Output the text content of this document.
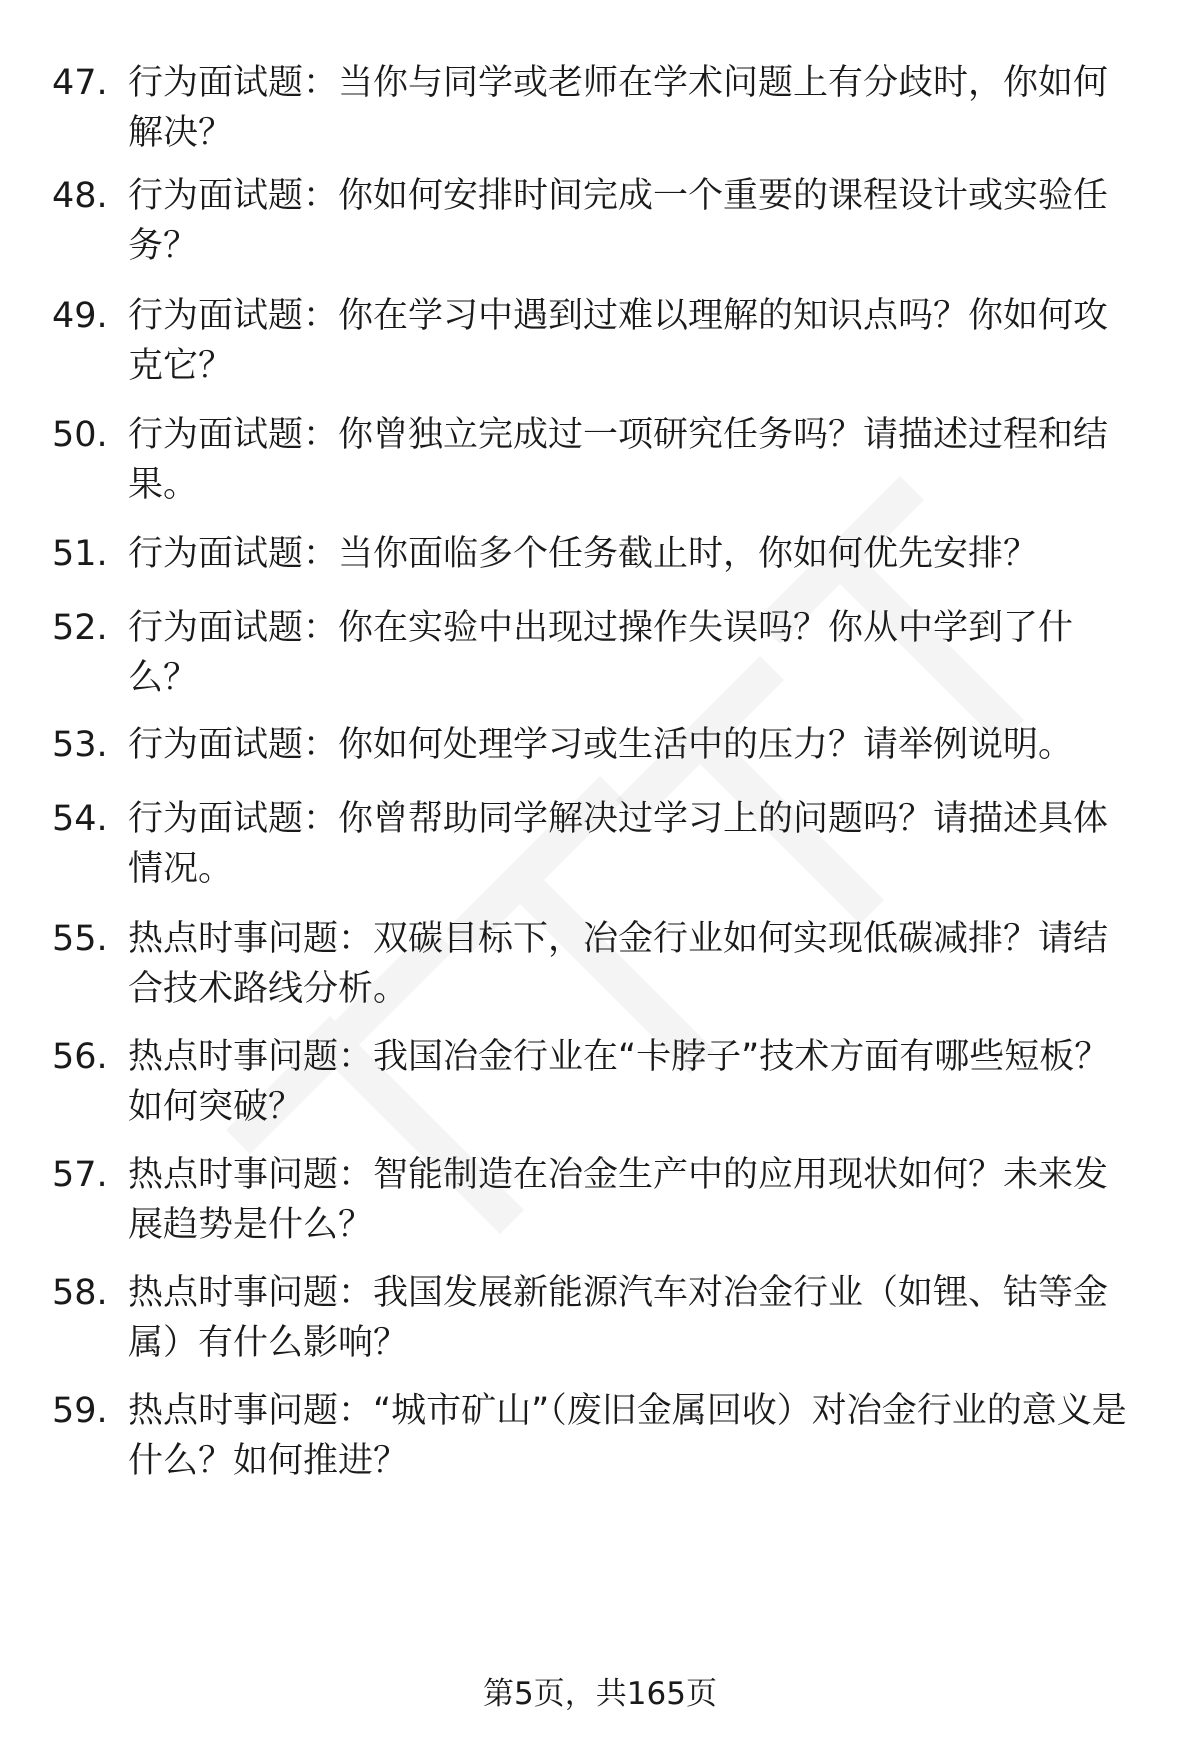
47. 行为面试题：当你与同学或老师在学术问题上有分歧时，你如何解决？
48. 行为面试题：你如何安排时间完成一个重要的课程设计或实验任务？
49. 行为面试题：你在学习中遇到过难以理解的知识点吗？你如何攻克它？
50. 行为面试题：你曾独立完成过一项研究任务吗？请描述过程和结果。
51. 行为面试题：当你面临多个任务截止时，你如何优先安排？
52. 行为面试题：你在实验中出现过操作失误吗？你从中学到了什么？
53. 行为面试题：你如何处理学习或生活中的压力？请举例说明。
54. 行为面试题：你曾帮助同学解决过学习上的问题吗？请描述具体情况。
55. 热点时事问题：双碳目标下，冶金行业如何实现低碳减排？请结合技术路线分析。
56. 热点时事问题：我国冶金行业在“卡脖子”技术方面有哪些短板？如何突破？
57. 热点时事问题：智能制造在冶金生产中的应用现状如何？未来发展趋势是什么？
58. 热点时事问题：我国发展新能源汽车对冶金行业（如锂、钴等金属）有什么影响？
59. 热点时事问题：“城市矿山”（废旧金属回收）对冶金行业的意义是什么？如何推进？
第5页，共165页
